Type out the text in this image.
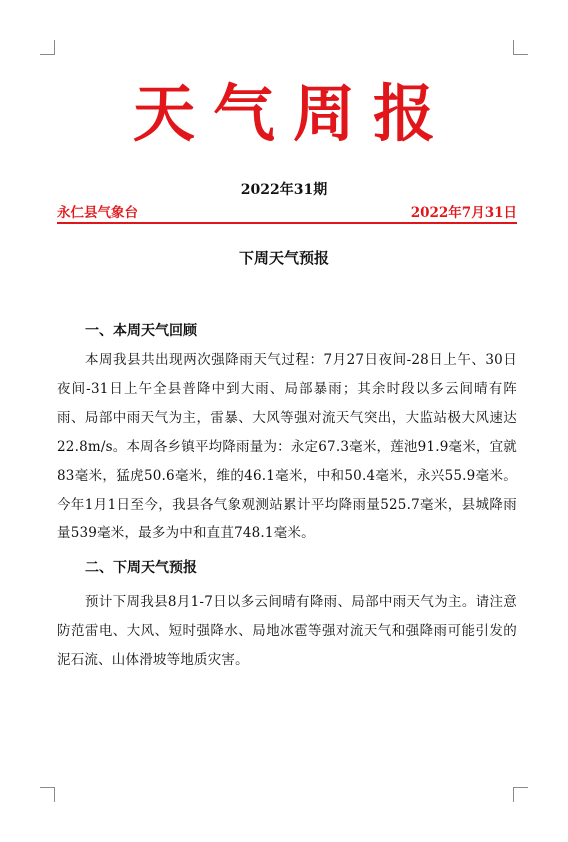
天气周报
2022年31期
永仁县气象台	2022年7月31日
下周天气预报

一、本周天气回顾

本周我县共出现两次强降雨天气过程：7月27日夜间-28日上午、30日夜间-31日上午全县普降中到大雨、局部暴雨；其余时段以多云间晴有阵雨、局部中雨天气为主，雷暴、大风等强对流天气突出，大监站极大风速达22.8m/s。本周各乡镇平均降雨量为：永定67.3毫米，莲池91.9毫米，宜就83毫米，猛虎50.6毫米，维的46.1毫米，中和50.4毫米，永兴55.9毫米。今年1月1日至今，我县各气象观测站累计平均降雨量525.7毫米，县城降雨量539毫米，最多为中和直苴748.1毫米。

二、下周天气预报

预计下周我县8月1-7日以多云间晴有降雨、局部中雨天气为主。请注意防范雷电、大风、短时强降水、局地冰雹等强对流天气和强降雨可能引发的泥石流、山体滑坡等地质灾害。
